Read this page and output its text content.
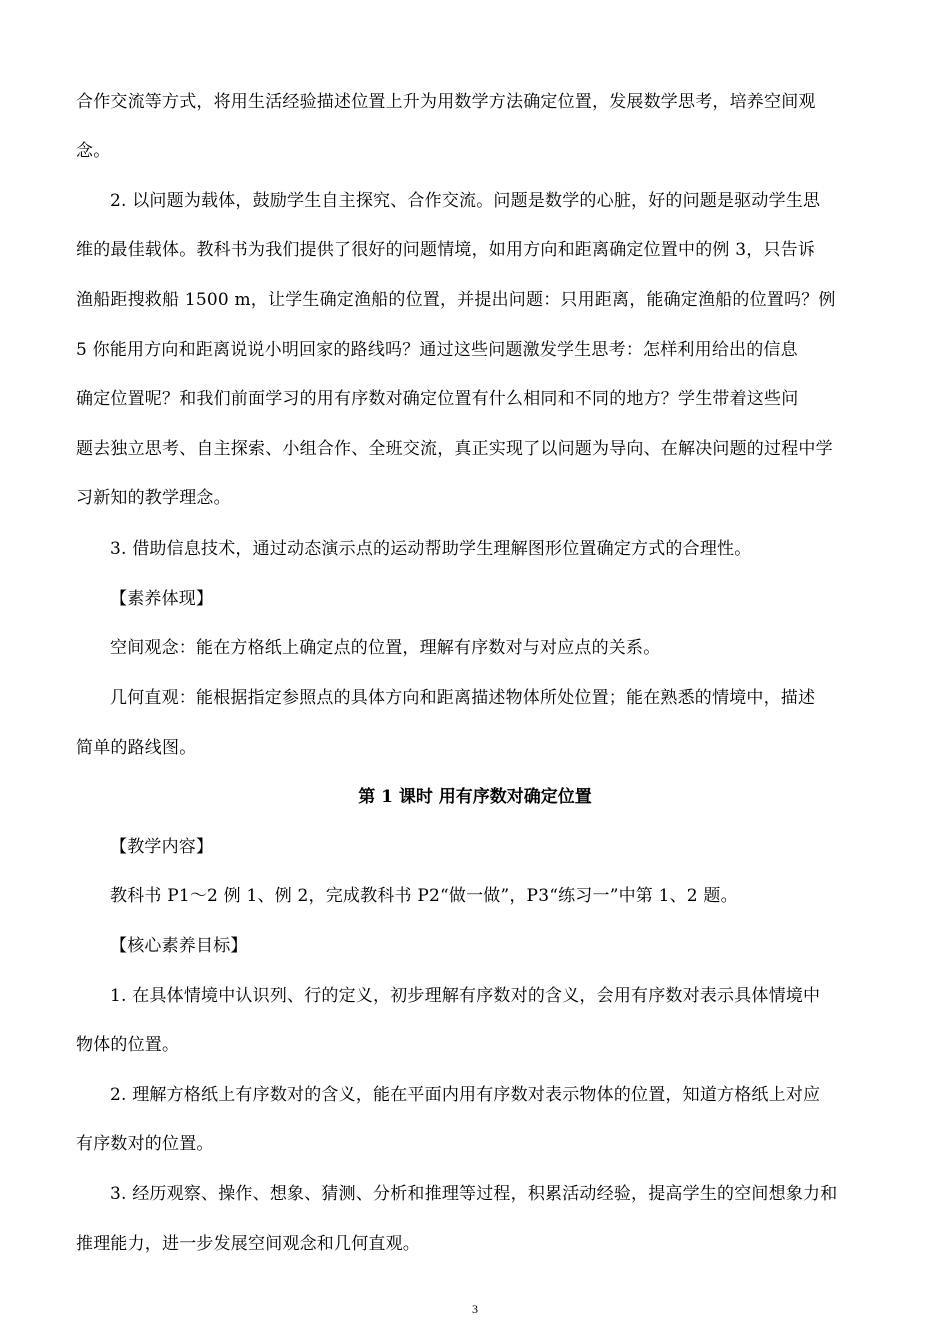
合作交流等方式，将用生活经验描述位置上升为用数学方法确定位置，发展数学思考，培养空间观
念。
2. 以问题为载体，鼓励学生自主探究、合作交流。问题是数学的心脏，好的问题是驱动学生思
维的最佳载体。教科书为我们提供了很好的问题情境，如用方向和距离确定位置中的例 3，只告诉
渔船距搜救船 1500 m，让学生确定渔船的位置，并提出问题：只用距离，能确定渔船的位置吗？例
5 你能用方向和距离说说小明回家的路线吗？通过这些问题激发学生思考：怎样利用给出的信息
确定位置呢？和我们前面学习的用有序数对确定位置有什么相同和不同的地方？学生带着这些问
题去独立思考、自主探索、小组合作、全班交流，真正实现了以问题为导向、在解决问题的过程中学
习新知的教学理念。
3. 借助信息技术，通过动态演示点的运动帮助学生理解图形位置确定方式的合理性。
【素养体现】
空间观念：能在方格纸上确定点的位置，理解有序数对与对应点的关系。
几何直观：能根据指定参照点的具体方向和距离描述物体所处位置；能在熟悉的情境中，描述
简单的路线图。
第 1 课时 用有序数对确定位置
【教学内容】
教科书 P1～2 例 1、例 2，完成教科书 P2“做一做”，P3“练习一”中第 1、2 题。
【核心素养目标】
1. 在具体情境中认识列、行的定义，初步理解有序数对的含义，会用有序数对表示具体情境中
物体的位置。
2. 理解方格纸上有序数对的含义，能在平面内用有序数对表示物体的位置，知道方格纸上对应
有序数对的位置。
3. 经历观察、操作、想象、猜测、分析和推理等过程，积累活动经验，提高学生的空间想象力和
推理能力，进一步发展空间观念和几何直观。
3
